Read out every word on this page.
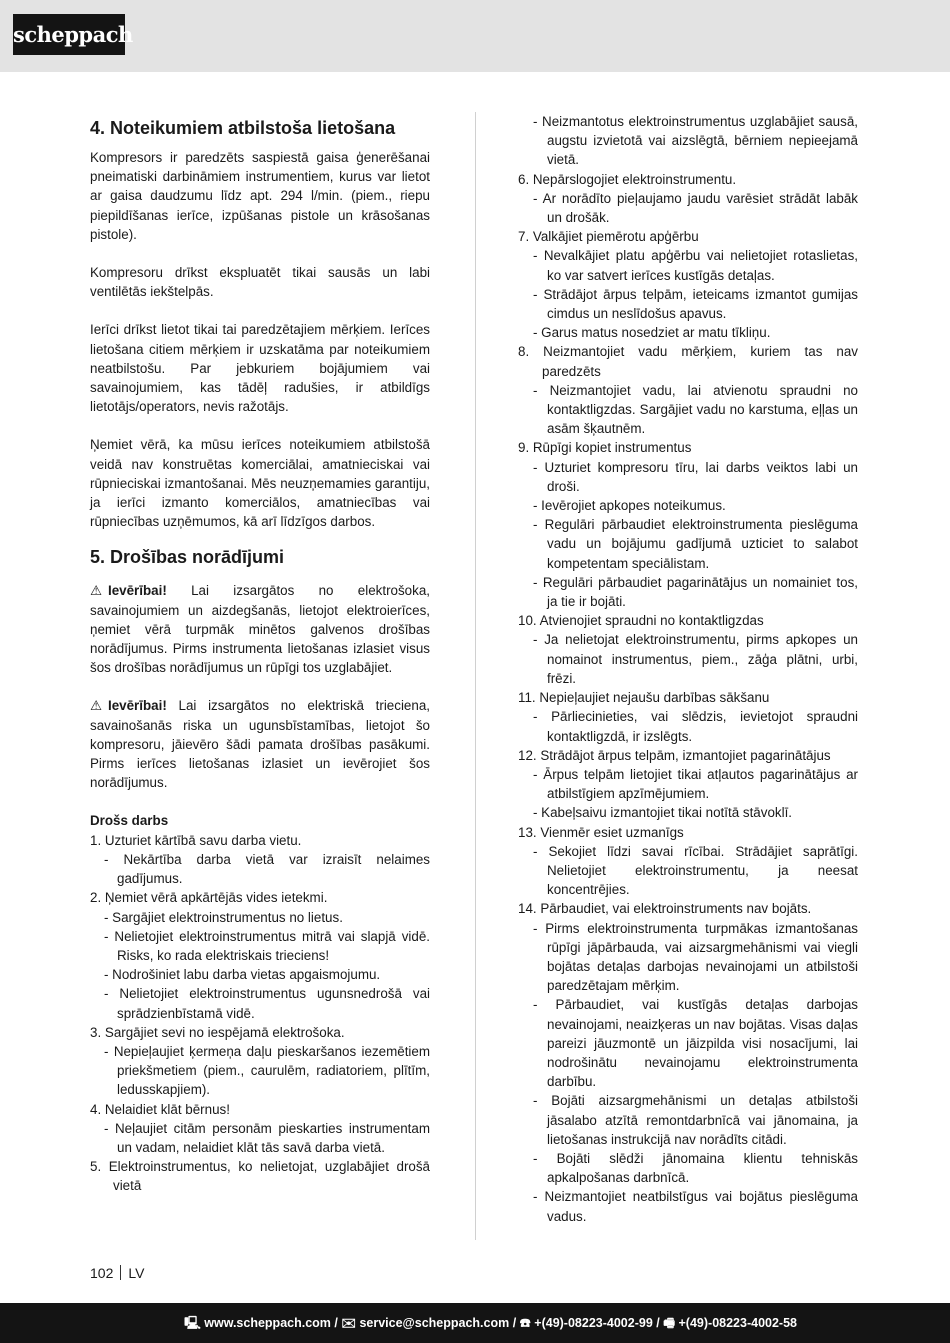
scheppach
4. Noteikumiem atbilstoša lietošana

Kompresors ir paredzēts saspiestā gaisa ģenerēšanai pneimatiski darbināmiem instrumentiem, kurus var lietot ar gaisa daudzumu līdz apt. 294 l/min. (piem., riepu piepildīšanas ierīce, izpūšanas pistole un krāsošanas pistole).

Kompresoru drīkst ekspluatēt tikai sausās un labi ventilētās iekštelpās.

Ierīci drīkst lietot tikai tai paredzētajiem mērķiem. Ierīces lietošana citiem mērķiem ir uzskatāma par noteikumiem neatbilstošu. Par jebkuriem bojājumiem vai savainojumiem, kas tādēļ radušies, ir atbildīgs lietotājs/operators, nevis ražotājs.

Ņemiet vērā, ka mūsu ierīces noteikumiem atbilstošā veidā nav konstruētas komerciālai, amatnieciskai vai rūpnieciskai izmantošanai. Mēs neuzņemamies garantiju, ja ierīci izmanto komerciālos, amatniecības vai rūpniecības uzņēmumos, kā arī līdzīgos darbos.

5. Drošības norādījumi

⚠ Ievērībai! Lai izsargātos no elektrošoka, savainojumiem un aizdegšanās, lietojot elektroierīces, ņemiet vērā turpmāk minētos galvenos drošības norādījumus. Pirms instrumenta lietošanas izlasiet visus šos drošības norādījumus un rūpīgi tos uzglabājiet.

⚠ Ievērībai! Lai izsargātos no elektriskā trieciena, savainošanās riska un ugunsbīstamības, lietojot šo kompresoru, jāievēro šādi pamata drošības pasākumi. Pirms ierīces lietošanas izlasiet un ievērojiet šos norādījumus.

Drošs darbs

1. Uzturiet kārtībā savu darba vietu.

- Nekārtība darba vietā var izraisīt nelaimes gadījumus.

2. Ņemiet vērā apkārtējās vides ietekmi.

- Sargājiet elektroinstrumentus no lietus.

- Nelietojiet elektroinstrumentus mitrā vai slapjā vidē. Risks, ko rada elektriskais trieciens!

- Nodrošiniet labu darba vietas apgaismojumu.

- Nelietojiet elektroinstrumentus ugunsnedrošā vai sprādzienbīstamā vidē.

3. Sargājiet sevi no iespējamā elektrošoka.

- Nepieļaujiet ķermeņa daļu pieskaršanos iezemētiem priekšmetiem (piem., caurulēm, radiatoriem, plītīm, ledusskapjiem).

4. Nelaidiet klāt bērnus!

- Neļaujiet citām personām pieskarties instrumentam un vadam, nelaidiet klāt tās savā darba vietā.

5. Elektroinstrumentus, ko nelietojat, uzglabājiet drošā vietā

- Neizmantotus elektroinstrumentus uzglabājiet sausā, augstu izvietotā vai aizslēgtā, bērniem nepieejamā vietā.

6. Nepārslogojiet elektroinstrumentu.

- Ar norādīto pieļaujamo jaudu varēsiet strādāt labāk un drošāk.

7. Valkājiet piemērotu apģērbu

- Nevalkājiet platu apģērbu vai nelietojiet rotaslietas, ko var satvert ierīces kustīgās detaļas.

- Strādājot ārpus telpām, ieteicams izmantot gumijas cimdus un neslīdošus apavus.

- Garus matus nosedziet ar matu tīkliņu.

8. Neizmantojiet vadu mērķiem, kuriem tas nav paredzēts

- Neizmantojiet vadu, lai atvienotu spraudni no kontaktligzdas. Sargājiet vadu no karstuma, eļļas un asām šķautnēm.

9. Rūpīgi kopiet instrumentus

- Uzturiet kompresoru tīru, lai darbs veiktos labi un droši.

- Ievērojiet apkopes noteikumus.

- Regulāri pārbaudiet elektroinstrumenta pieslēguma vadu un bojājumu gadījumā uzticiet to salabot kompetentam speciālistam.

- Regulāri pārbaudiet pagarinātājus un nomainiet tos, ja tie ir bojāti.

10. Atvienojiet spraudni no kontaktligzdas

- Ja nelietojat elektroinstrumentu, pirms apkopes un nomainot instrumentus, piem., zāģa plātni, urbi, frēzi.

11. Nepieļaujiet nejaušu darbības sākšanu

- Pārliecinieties, vai slēdzis, ievietojot spraudni kontaktligzdā, ir izslēgts.

12. Strādājot ārpus telpām, izmantojiet pagarinātājus

- Ārpus telpām lietojiet tikai atļautos pagarinātājus ar atbilstīgiem apzīmējumiem.

- Kabeļsaivu izmantojiet tikai notītā stāvoklī.

13. Vienmēr esiet uzmanīgs

- Sekojiet līdzi savai rīcībai. Strādājiet saprātīgi. Nelietojiet elektroinstrumentu, ja neesat koncentrējies.

14. Pārbaudiet, vai elektroinstruments nav bojāts.

- Pirms elektroinstrumenta turpmākas izmantošanas rūpīgi jāpārbauda, vai aizsargmehānismi vai viegli bojātas detaļas darbojas nevainojami un atbilstoši paredzētajam mērķim.

- Pārbaudiet, vai kustīgās detaļas darbojas nevainojami, neaizķeras un nav bojātas. Visas daļas pareizi jāuzmontē un jāizpilda visi nosacījumi, lai nodrošinātu nevainojamu elektroinstrumenta darbību.

- Bojāti aizsargmehānismi un detaļas atbilstoši jāsalabo atzītā remontdarbnīcā vai jānomaina, ja lietošanas instrukcijā nav norādīts citādi.

- Bojāti slēdži jānomaina klientu tehniskās apkalpošanas darbnīcā.

- Neizmantojiet neatbilstīgus vai bojātus pieslēguma vadus.

102 LV
🖳 www.scheppach.com / ✉ service@scheppach.com / ☎ +(49)-08223-4002-99 / 🖷 +(49)-08223-4002-58
